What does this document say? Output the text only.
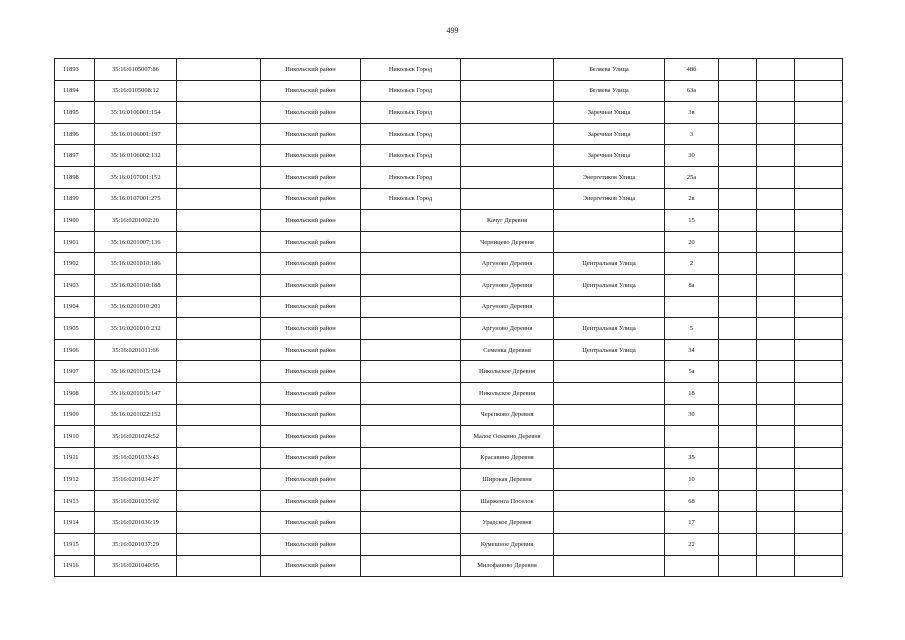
499
11893	35:16:0105007:86		Никольский район	Никольск Город		Беляева Улица	48б			
11894	35:16:0105008:12		Никольский район	Никольск Город		Беляева Улица	63а			
11895	35:16:0106001:154		Никольский район	Никольск Город		Заречная Улица	3в			
11896	35:16:0106001:197		Никольский район	Никольск Город		Заречная Улица	3			
11897	35:16:0106002:132		Никольский район	Никольск Город		Заречная Улица	30			
11898	35:16:0107001:152		Никольский район	Никольск Город		Энергетиков Улица	25а			
11899	35:16:0107001:275		Никольский район	Никольск Город		Энергетиков Улица	2в			
11900	35:16:0201002:20		Никольский район		Качуг Деревня		15			
11901	35:16:0201007:136		Никольский район		Черницево Деревня		20			
11902	35:16:0201010:186		Никольский район		Аргуново Деревня	Центральная Улица	2			
11903	35:16:0201010:188		Никольский район		Аргуново Деревня	Центральная Улица	8а			
11904	35:16:0201010:201		Никольский район		Аргуново Деревня					
11905	35:16:0201010:232		Никольский район		Аргуново Деревня	Центральная Улица	5			
11906	35:16:0201011:66		Никольский район		Семенка Деревня	Центральная Улица	34			
11907	35:16:0201015:124		Никольский район		Никольское Деревня		5а			
11908	35:16:0201015:147		Никольский район		Никольское Деревня		18			
11909	35:16:0201022:152		Никольский район		Черепково Деревня		30			
11910	35:16:0201024:52		Никольский район		Малое Оськино Деревня					
11911	35:16:0201033:43		Никольский район		Красавино Деревня		35			
11912	35:16:0201034:27		Никольский район		Широкая Деревня		10			
11913	35:16:0201035:92		Никольский район		Шарженга Поселок		68			
11914	35:16:0201036:19		Никольский район		Урадское Деревня		17			
11915	35:16:0201037:29		Никольский район		Кумешное Деревня		22			
11916	35:16:0201040:95		Никольский район		Милофаново Деревня					
